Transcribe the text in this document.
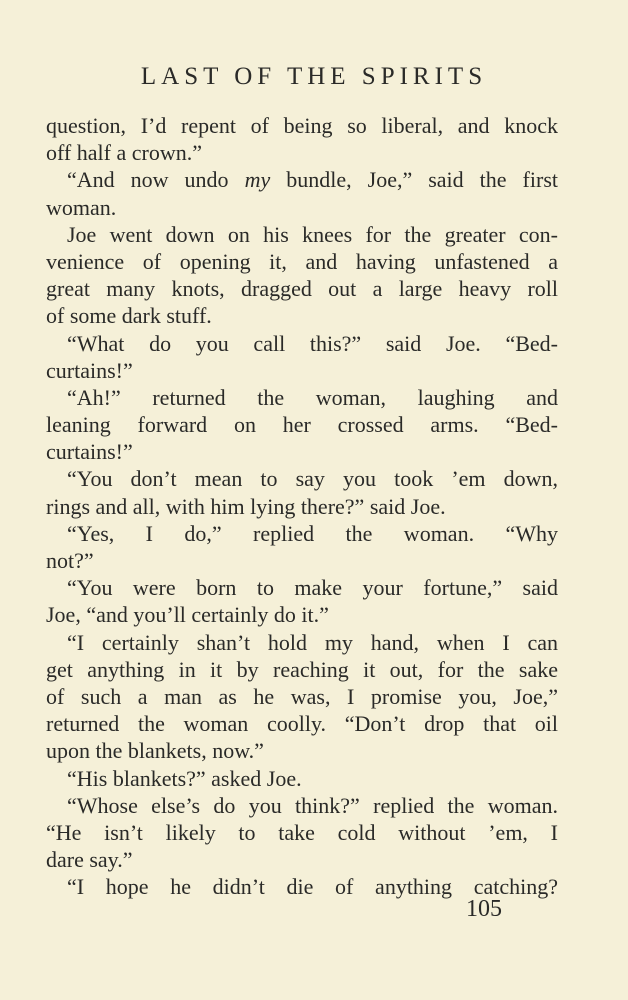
LAST OF THE SPIRITS
question, I’d repent of being so liberal, and knock
off half a crown.”
“And now undo my bundle, Joe,” said the first
woman.
Joe went down on his knees for the greater con-
venience of opening it, and having unfastened a
great many knots, dragged out a large heavy roll
of some dark stuff.
“What do you call this?” said Joe. “Bed-
curtains!”
“Ah!” returned the woman, laughing and
leaning forward on her crossed arms. “Bed-
curtains!”
“You don’t mean to say you took ’em down,
rings and all, with him lying there?” said Joe.
“Yes, I do,” replied the woman. “Why
not?”
“You were born to make your fortune,” said
Joe, “and you’ll certainly do it.”
“I certainly shan’t hold my hand, when I can
get anything in it by reaching it out, for the sake
of such a man as he was, I promise you, Joe,”
returned the woman coolly. “Don’t drop that oil
upon the blankets, now.”
“His blankets?” asked Joe.
“Whose else’s do you think?” replied the woman.
“He isn’t likely to take cold without ’em, I
dare say.”
“I hope he didn’t die of anything catching?
105
